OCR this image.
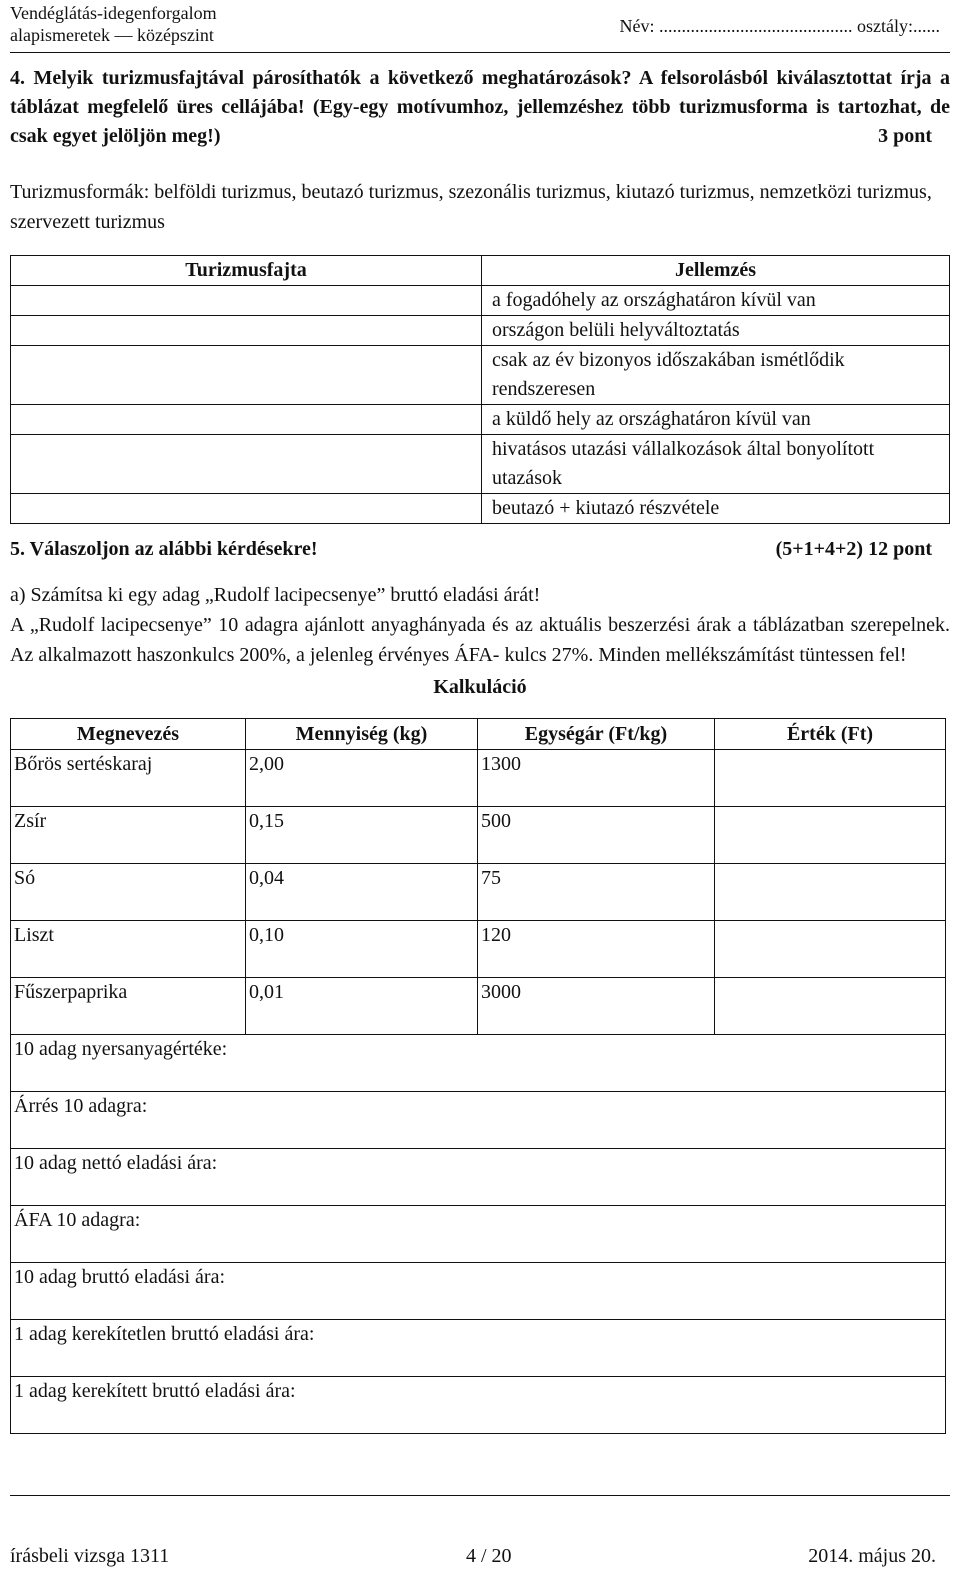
Vendéglátás-idegenforgalom
alapismeretek — középszint	Név: ........................................... osztály:......
4. Melyik turizmusfajtával párosíthatók a következő meghatározások? A felsorolásból kiválasztottat írja a táblázat megfelelő üres cellájába! (Egy-egy motívumhoz, jellemzéshez több turizmusforma is tartozhat, de csak egyet jelöljön meg!)	3 pont
Turizmusformák: belföldi turizmus, beutazó turizmus, szezonális turizmus, kiutazó turizmus, nemzetközi turizmus, szervezett turizmus
Turizmusfajta	Jellemzés
	a fogadóhely az országhatáron kívül van
	országon belüli helyváltoztatás
	csak az év bizonyos időszakában ismétlődik rendszeresen
	a küldő hely az országhatáron kívül van
	hivatásos utazási vállalkozások által bonyolított utazások
	beutazó + kiutazó részvétele
5. Válaszoljon az alábbi kérdésekre!	(5+1+4+2) 12 pont
a) Számítsa ki egy adag „Rudolf lacipecsenye” bruttó eladási árát!
A „Rudolf lacipecsenye” 10 adagra ajánlott anyaghányada és az aktuális beszerzési árak a táblázatban szerepelnek. Az alkalmazott haszonkulcs 200%, a jelenleg érvényes ÁFA- kulcs 27%. Minden mellékszámítást tüntessen fel!
Kalkuláció
Megnevezés	Mennyiség (kg)	Egységár (Ft/kg)	Érték (Ft)
Bőrös sertéskaraj	2,00	1300	
Zsír	0,15	500	
Só	0,04	75	
Liszt	0,10	120	
Fűszerpaprika	0,01	3000	
10 adag nyersanyagértéke:			
Árrés 10 adagra:			
10 adag nettó eladási ára:			
ÁFA 10 adagra:			
10 adag bruttó eladási ára:			
1 adag kerekítetlen bruttó eladási ára:			
1 adag kerekített bruttó eladási ára:			
írásbeli vizsga 1311	4 / 20	2014. május 20.
